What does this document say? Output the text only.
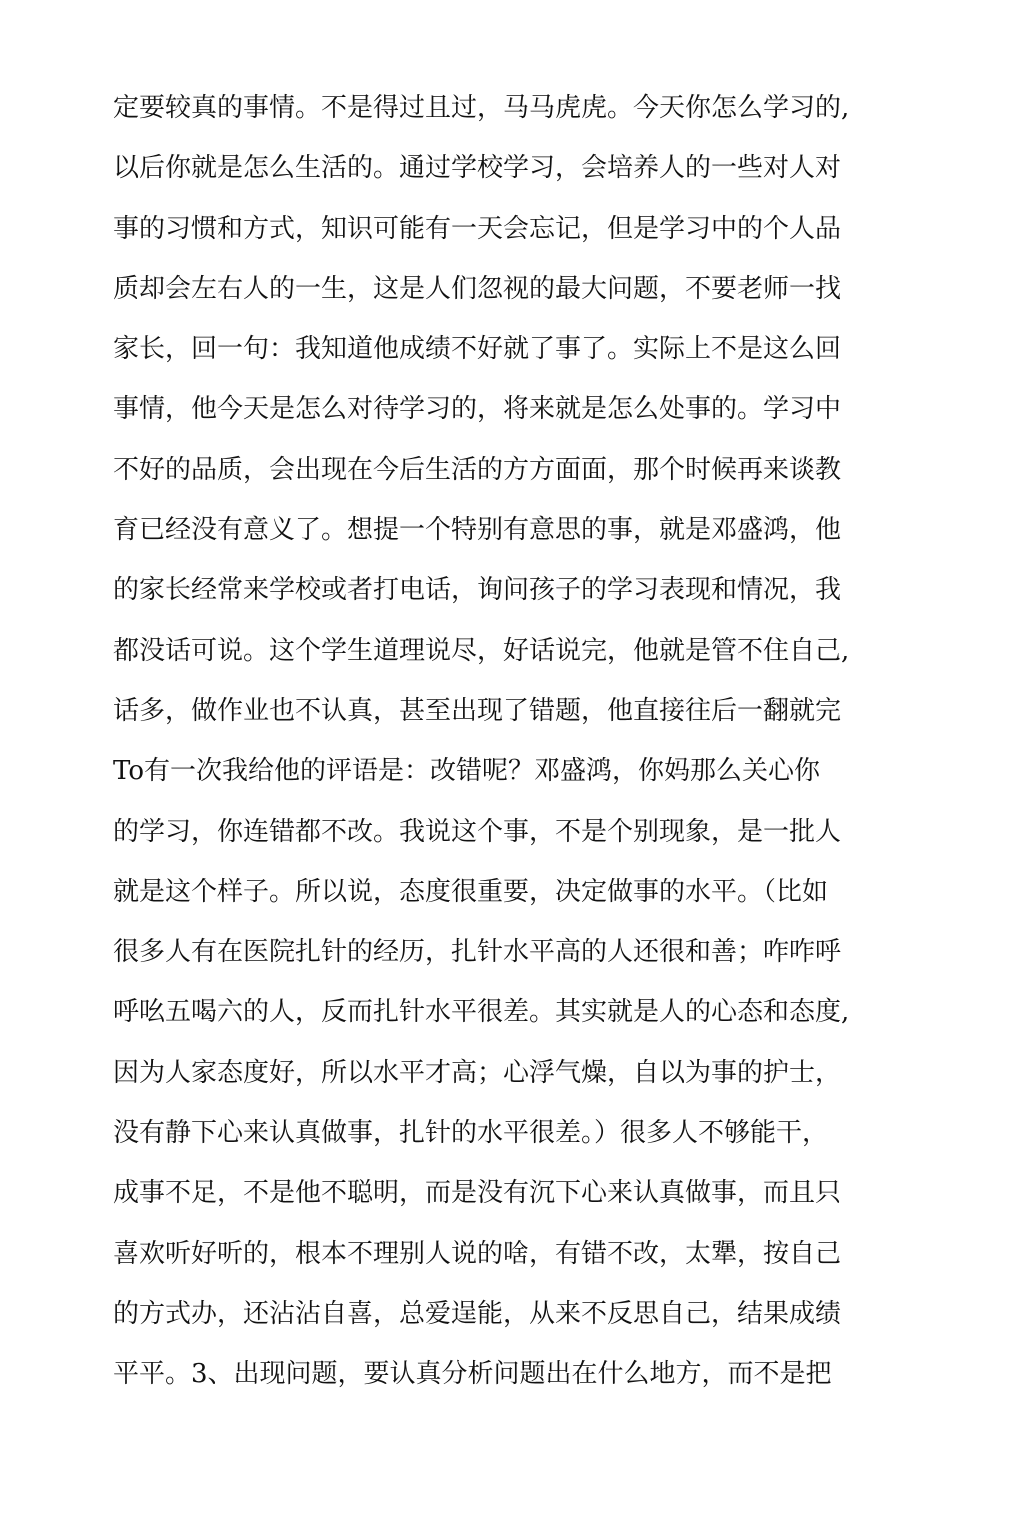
定要较真的事情。不是得过且过，马马虎虎。今天你怎么学习的,
以后你就是怎么生活的。通过学校学习，会培养人的一些对人对
事的习惯和方式，知识可能有一天会忘记，但是学习中的个人品
质却会左右人的一生，这是人们忽视的最大问题，不要老师一找
家长，回一句：我知道他成绩不好就了事了。实际上不是这么回
事情，他今天是怎么对待学习的，将来就是怎么处事的。学习中
不好的品质，会出现在今后生活的方方面面，那个时候再来谈教
育已经没有意义了。想提一个特别有意思的事，就是邓盛鸿，他
的家长经常来学校或者打电话，询问孩子的学习表现和情况，我
都没话可说。这个学生道理说尽，好话说完，他就是管不住自己,
话多，做作业也不认真，甚至出现了错题，他直接往后一翻就完
To有一次我给他的评语是：改错呢？邓盛鸿，你妈那么关心你
的学习，你连错都不改。我说这个事，不是个别现象，是一批人
就是这个样子。所以说，态度很重要，决定做事的水平。（比如
很多人有在医院扎针的经历，扎针水平高的人还很和善；咋咋呼
呼吆五喝六的人，反而扎针水平很差。其实就是人的心态和态度,
因为人家态度好，所以水平才高；心浮气燥，自以为事的护士，
没有静下心来认真做事，扎针的水平很差。）很多人不够能干，
成事不足，不是他不聪明，而是没有沉下心来认真做事，而且只
喜欢听好听的，根本不理别人说的啥，有错不改，太犟，按自己
的方式办，还沾沾自喜，总爱逞能，从来不反思自己，结果成绩
平平。3、出现问题，要认真分析问题出在什么地方，而不是把
